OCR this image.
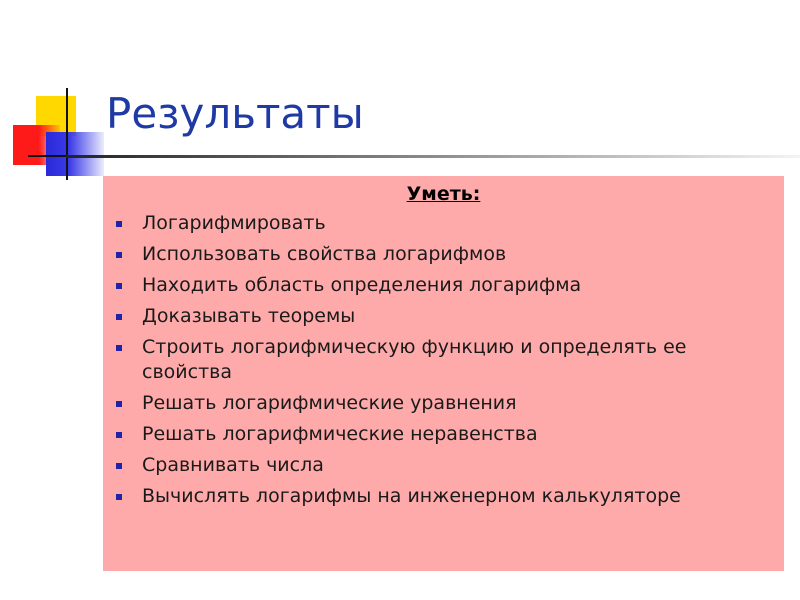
Результаты
Уметь:
Логарифмировать
Использовать свойства логарифмов
Находить область определения логарифма
Доказывать теоремы
Строить логарифмическую функцию и определять ее свойства
Решать логарифмические уравнения
Решать логарифмические неравенства
Сравнивать числа
Вычислять логарифмы на инженерном калькуляторе
